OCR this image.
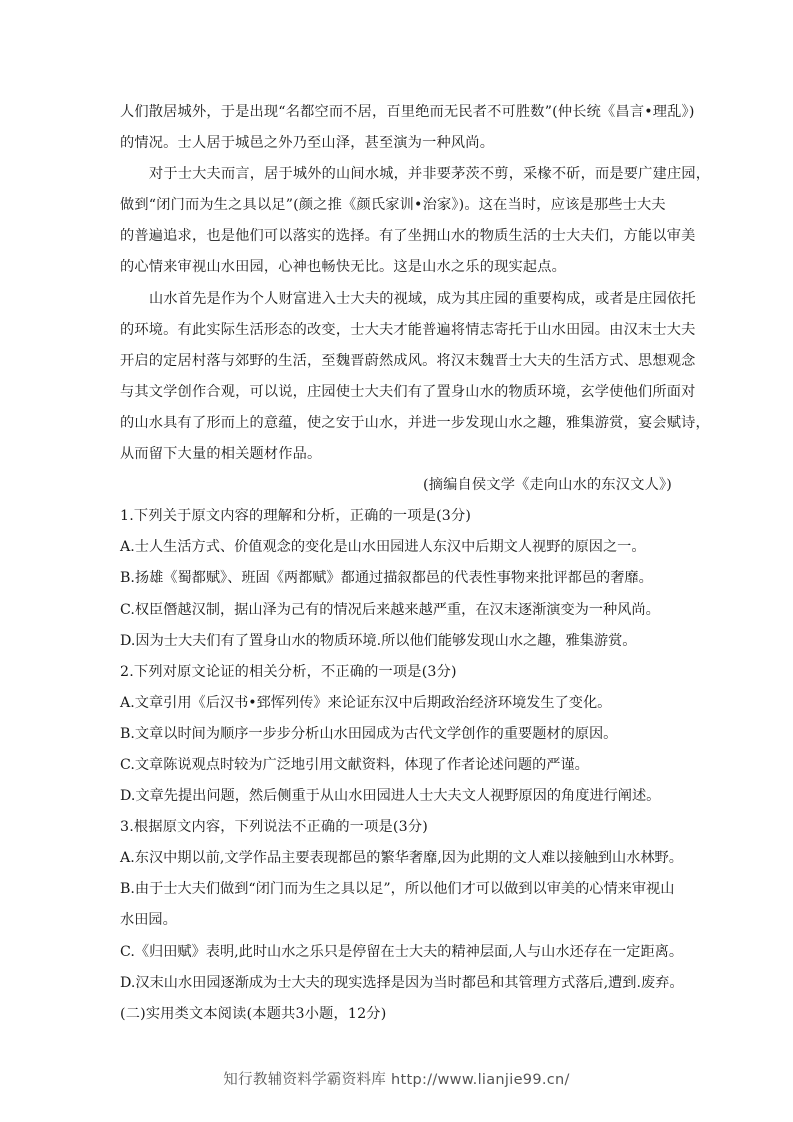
人们散居城外，于是出现“名都空而不居，百里绝而无民者不可胜数”(仲长统《昌言•理乱》)
的情况。士人居于城邑之外乃至山泽，甚至演为一种风尚。
对于士大夫而言，居于城外的山间水城，并非要茅茨不剪，采椽不斫，而是要广建庄园，
做到“闭门而为生之具以足”(颜之推《颜氏家训•治家》)。这在当时，应该是那些士大夫
的普遍追求，也是他们可以落实的选择。有了坐拥山水的物质生活的士大夫们，方能以审美
的心情来审视山水田园，心神也畅快无比。这是山水之乐的现实起点。
山水首先是作为个人财富进入士大夫的视域，成为其庄园的重要构成，或者是庄园依托
的环境。有此实际生活形态的改变，士大夫才能普遍将情志寄托于山水田园。由汉末士大夫
开启的定居村落与郊野的生活，至魏晋蔚然成风。将汉末魏晋士大夫的生活方式、思想观念
与其文学创作合观，可以说，庄园使士大夫们有了置身山水的物质环境，玄学使他们所面对
的山水具有了形而上的意蕴，使之安于山水，并进一步发现山水之趣，雅集游赏，宴会赋诗，
从而留下大量的相关题材作品。
(摘编自侯文学《走向山水的东汉文人》)
1.下列关于原文内容的理解和分析，正确的一项是(3分)
A.士人生活方式、价值观念的变化是山水田园进人东汉中后期文人视野的原因之一。
B.扬雄《蜀都赋》、班固《两都赋》都通过描叙都邑的代表性事物来批评都邑的奢靡。
C.权臣僭越汉制，据山泽为己有的情况后来越来越严重，在汉末逐渐演变为一种风尚。
D.因为士大夫们有了置身山水的物质环境.所以他们能够发现山水之趣，雅集游赏。
2.下列对原文论证的相关分析，不正确的一项是(3分)
A.文章引用《后汉书•郅恽列传》来论证东汉中后期政治经济环境发生了变化。
B.文章以时间为顺序一步步分析山水田园成为古代文学创作的重要题材的原因。
C.文章陈说观点时较为广泛地引用文献资料，体现了作者论述问题的严谨。
D.文章先提出问题，然后侧重于从山水田园进人士大夫文人视野原因的角度进行阐述。
3.根据原文内容，下列说法不正确的一项是(3分)
A.东汉中期以前,文学作品主要表现都邑的繁华奢靡,因为此期的文人难以接触到山水林野。
B.由于士大夫们做到“闭门而为生之具以足”，所以他们才可以做到以审美的心情来审视山
水田园。
C.《归田赋》表明,此时山水之乐只是停留在士大夫的精神层面,人与山水还存在一定距离。
D.汉末山水田园逐渐成为士大夫的现实选择是因为当时都邑和其管理方式落后,遭到.废弃。
(二)实用类文本阅读(本题共3小题，12分)
知行教辅资料学霸资料库 http://www.lianjie99.cn/
